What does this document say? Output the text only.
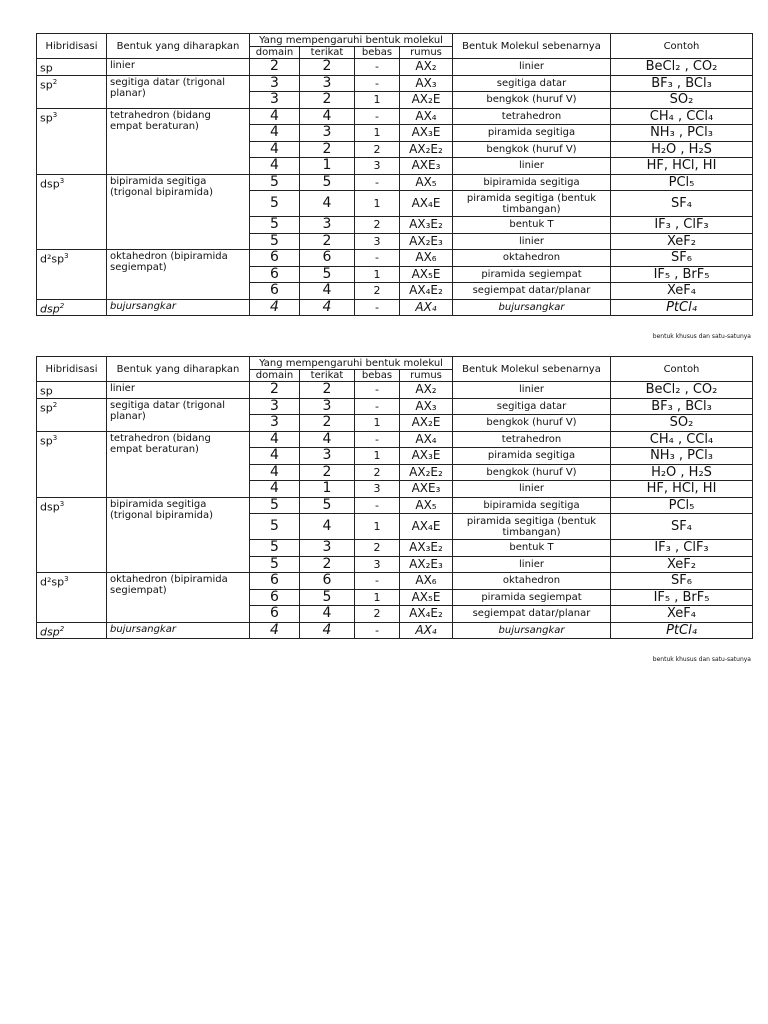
Hibridisasi	Bentuk yang diharapkan	Yang mempengaruhi bentuk molekul				Bentuk Molekul sebenarnya	Contoh
		domain	terikat	bebas	rumus		
sp	linier	2	2	-	AX₂	linier	BeCl₂ , CO₂
$sp^2$	segitiga datar (trigonal planar)	3	3	-	AX₃	segitiga datar	BF₃ , BCl₃
		3	2	1	AX₂E	bengkok (huruf V)	SO₂
$sp^3$	tetrahedron (bidang empat beraturan)	4	4	-	AX₄	tetrahedron	CH₄ , CCl₄
		4	3	1	AX₃E	piramida segitiga	NH₃ , PCl₃
		4	2	2	AX₂E₂	bengkok (huruf V)	H₂O , H₂S
		4	1	3	AXE₃	linier	HF, HCl, HI
dsp$^3$	bipiramida segitiga (trigonal bipiramida)	5	5	-	AX₅	bipiramida segitiga	PCl₅
		5	4	1	AX₄E	piramida segitiga (bentuk timbangan)	SF₄
		5	3	2	AX₃E₂	bentuk T	IF₃ , ClF₃
		5	2	3	AX₂E₃	linier	XeF₂
$d^2sp^3$	oktahedron (bipiramida segiempat)	6	6	-	AX₆	oktahedron	SF₆
		6	5	1	AX₅E	piramida segiempat	IF₅ , BrF₅
		6	4	2	AX₄E₂	segiempat datar/planar	XeF₄
dsp$^2$	bujursangkar	4	4	-	AX₄	bujursangkar	PtCl₄
bentuk khusus dan satu-satunya
Hibridisasi	Bentuk yang diharapkan	Yang mempengaruhi bentuk molekul				Bentuk Molekul sebenarnya	Contoh
		domain	terikat	bebas	rumus		
sp	linier	2	2	-	AX₂	linier	BeCl₂ , CO₂
$sp^2$	segitiga datar (trigonal planar)	3	3	-	AX₃	segitiga datar	BF₃ , BCl₃
		3	2	1	AX₂E	bengkok (huruf V)	SO₂
$sp^3$	tetrahedron (bidang empat beraturan)	4	4	-	AX₄	tetrahedron	CH₄ , CCl₄
		4	3	1	AX₃E	piramida segitiga	NH₃ , PCl₃
		4	2	2	AX₂E₂	bengkok (huruf V)	H₂O , H₂S
		4	1	3	AXE₃	linier	HF, HCl, HI
dsp$^3$	bipiramida segitiga (trigonal bipiramida)	5	5	-	AX₅	bipiramida segitiga	PCl₅
		5	4	1	AX₄E	piramida segitiga (bentuk timbangan)	SF₄
		5	3	2	AX₃E₂	bentuk T	IF₃ , ClF₃
		5	2	3	AX₂E₃	linier	XeF₂
$d^2sp^3$	oktahedron (bipiramida segiempat)	6	6	-	AX₆	oktahedron	SF₆
		6	5	1	AX₅E	piramida segiempat	IF₅ , BrF₅
		6	4	2	AX₄E₂	segiempat datar/planar	XeF₄
dsp$^2$	bujursangkar	4	4	-	AX₄	bujursangkar	PtCl₄
bentuk khusus dan satu-satunya
